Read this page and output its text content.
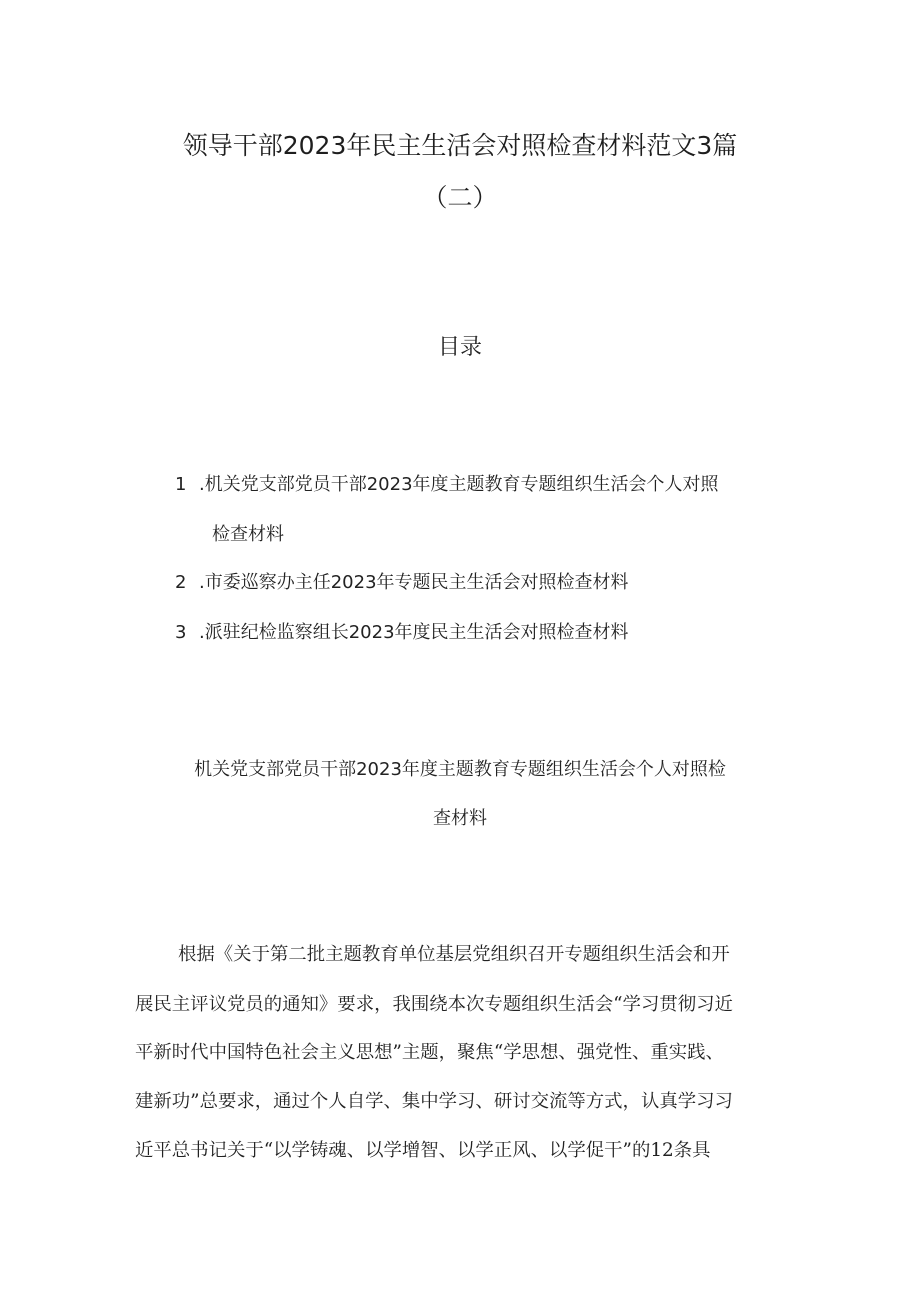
领导干部2023年民主生活会对照检查材料范文3篇
（二）
目录
1 .机关党支部党员干部2023年度主题教育专题组织生活会个人对照
检查材料
2 .市委巡察办主任2023年专题民主生活会对照检查材料
3 .派驻纪检监察组长2023年度民主生活会对照检查材料
机关党支部党员干部2023年度主题教育专题组织生活会个人对照检
查材料
根据《关于第二批主题教育单位基层党组织召开专题组织生活会和开
展民主评议党员的通知》要求，我围绕本次专题组织生活会“学习贯彻习近
平新时代中国特色社会主义思想”主题，聚焦“学思想、强党性、重实践、
建新功”总要求，通过个人自学、集中学习、研讨交流等方式，认真学习习
近平总书记关于“以学铸魂、以学增智、以学正风、以学促干”的12条具
